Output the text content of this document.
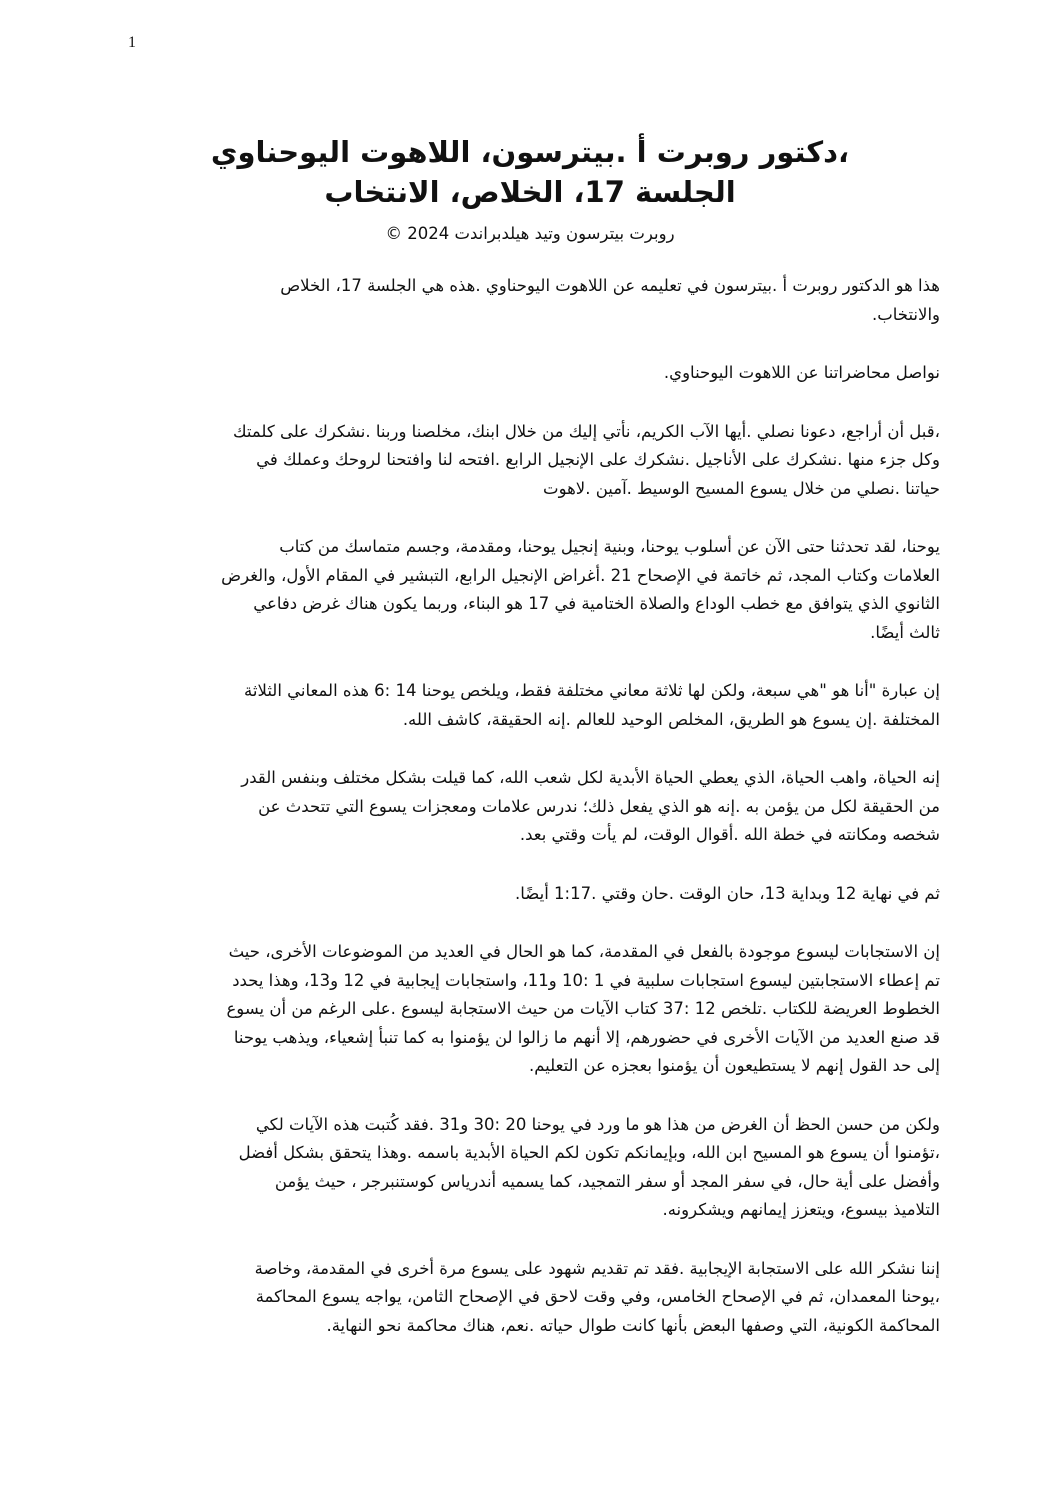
1
،دكتور روبرت أ .بيترسون، اللاهوت اليوحناوي
الجلسة 17، الخلاص، الانتخاب
روبرت بيترسون وتيد هيلدبراندت 2024 ©
هذا هو الدكتور روبرت أ .بيترسون في تعليمه عن اللاهوت اليوحناوي .هذه هي الجلسة 17، الخلاص
والانتخاب.
نواصل محاضراتنا عن اللاهوت اليوحناوي.
،قبل أن أراجع، دعونا نصلي .أيها الآب الكريم، نأتي إليك من خلال ابنك، مخلصنا وربنا .نشكرك على كلمتك
وكل جزء منها .نشكرك على الأناجيل .نشكرك على الإنجيل الرابع .افتحه لنا وافتحنا لروحك وعملك في
حياتنا .نصلي من خلال يسوع المسيح الوسيط .آمين .لاهوت
يوحنا، لقد تحدثنا حتى الآن عن أسلوب يوحنا، وبنية إنجيل يوحنا، ومقدمة، وجسم متماسك من كتاب
العلامات وكتاب المجد، ثم خاتمة في الإصحاح 21 .أغراض الإنجيل الرابع، التبشير في المقام الأول، والغرض
الثانوي الذي يتوافق مع خطب الوداع والصلاة الختامية في 17 هو البناء، وربما يكون هناك غرض دفاعي
ثالث أيضًا.
إن عبارة "أنا هو "هي سبعة، ولكن لها ثلاثة معاني مختلفة فقط، ويلخص يوحنا 14 :6 هذه المعاني الثلاثة
المختلفة .إن يسوع هو الطريق، المخلص الوحيد للعالم .إنه الحقيقة، كاشف الله.
إنه الحياة، واهب الحياة، الذي يعطي الحياة الأبدية لكل شعب الله، كما قيلت بشكل مختلف وبنفس القدر
من الحقيقة لكل من يؤمن به .إنه هو الذي يفعل ذلك؛ ندرس علامات ومعجزات يسوع التي تتحدث عن
شخصه ومكانته في خطة الله .أقوال الوقت، لم يأت وقتي بعد.
ثم في نهاية 12 وبداية 13، حان الوقت .حان وقتي .1:17 أيضًا.
إن الاستجابات ليسوع موجودة بالفعل في المقدمة، كما هو الحال في العديد من الموضوعات الأخرى، حيث
تم إعطاء الاستجابتين ليسوع استجابات سلبية في 1 :10 و11، واستجابات إيجابية في 12 و13، وهذا يحدد
الخطوط العريضة للكتاب .تلخص 12 :37 كتاب الآيات من حيث الاستجابة ليسوع .على الرغم من أن يسوع
قد صنع العديد من الآيات الأخرى في حضورهم، إلا أنهم ما زالوا لن يؤمنوا به كما تنبأ إشعياء، ويذهب يوحنا
إلى حد القول إنهم لا يستطيعون أن يؤمنوا بعجزه عن التعليم.
ولكن من حسن الحظ أن الغرض من هذا هو ما ورد في يوحنا 20 :30 و31 .فقد كُتبت هذه الآيات لكي
،تؤمنوا أن يسوع هو المسيح ابن الله، وبإيمانكم تكون لكم الحياة الأبدية باسمه .وهذا يتحقق بشكل أفضل
وأفضل على أية حال، في سفر المجد أو سفر التمجيد، كما يسميه أندرياس كوستنبرجر ، حيث يؤمن
التلاميذ بيسوع، ويتعزز إيمانهم ويشكرونه.
إننا نشكر الله على الاستجابة الإيجابية .فقد تم تقديم شهود على يسوع مرة أخرى في المقدمة، وخاصة
،يوحنا المعمدان، ثم في الإصحاح الخامس، وفي وقت لاحق في الإصحاح الثامن، يواجه يسوع المحاكمة
المحاكمة الكونية، التي وصفها البعض بأنها كانت طوال حياته .نعم، هناك محاكمة نحو النهاية.
